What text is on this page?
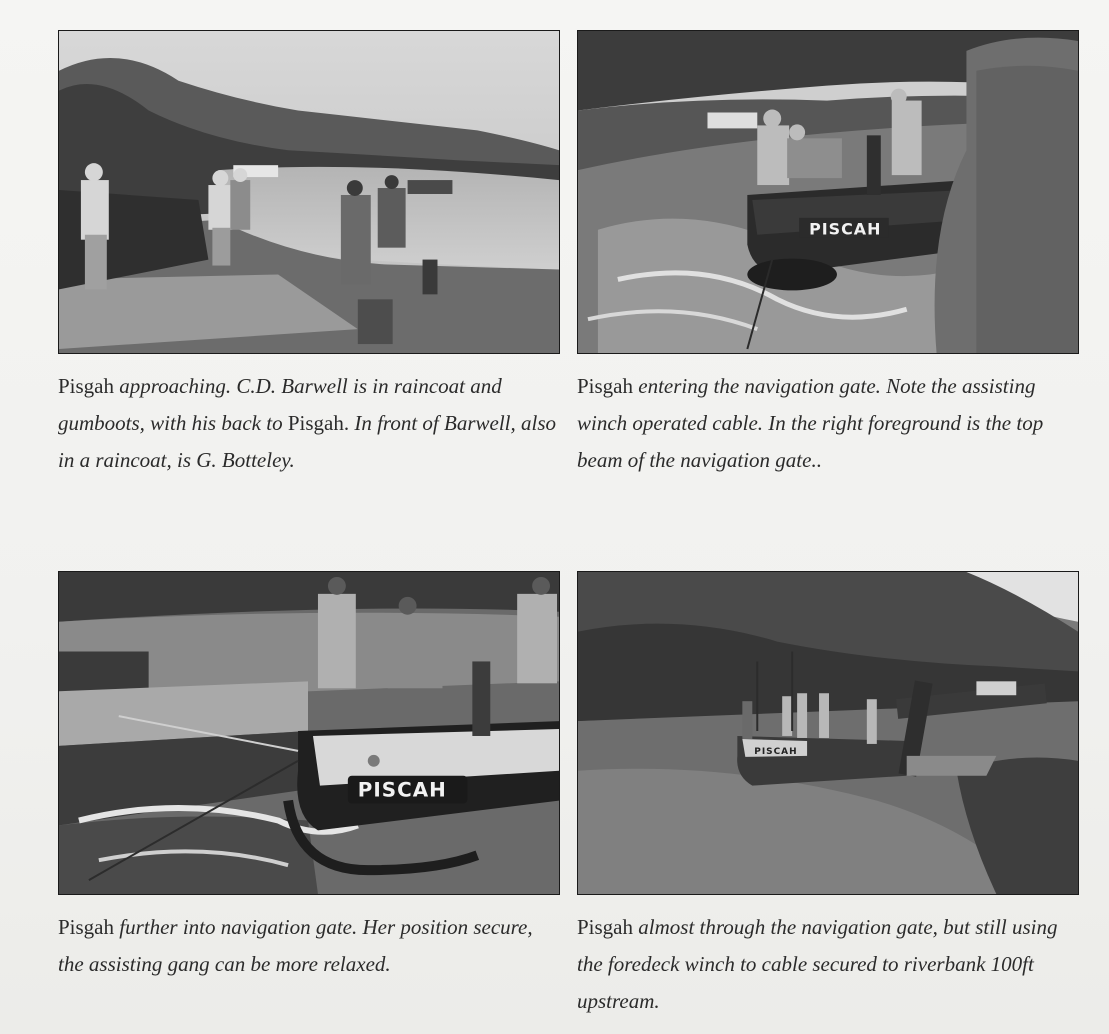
Pisgah approaching. C.D. Barwell is in raincoat and gumboots, with his back to Pisgah. In front of Barwell, also in a raincoat, is G. Botteley.
PISCAH
Pisgah entering the navigation gate. Note the assisting winch operated cable. In the right foreground is the top beam of the navigation gate..
PISCAH
Pisgah further into navigation gate. Her position secure, the assisting gang can be more relaxed.
PISCAH
Pisgah almost through the navigation gate, but still using the foredeck winch to cable secured to riverbank 100ft upstream.
